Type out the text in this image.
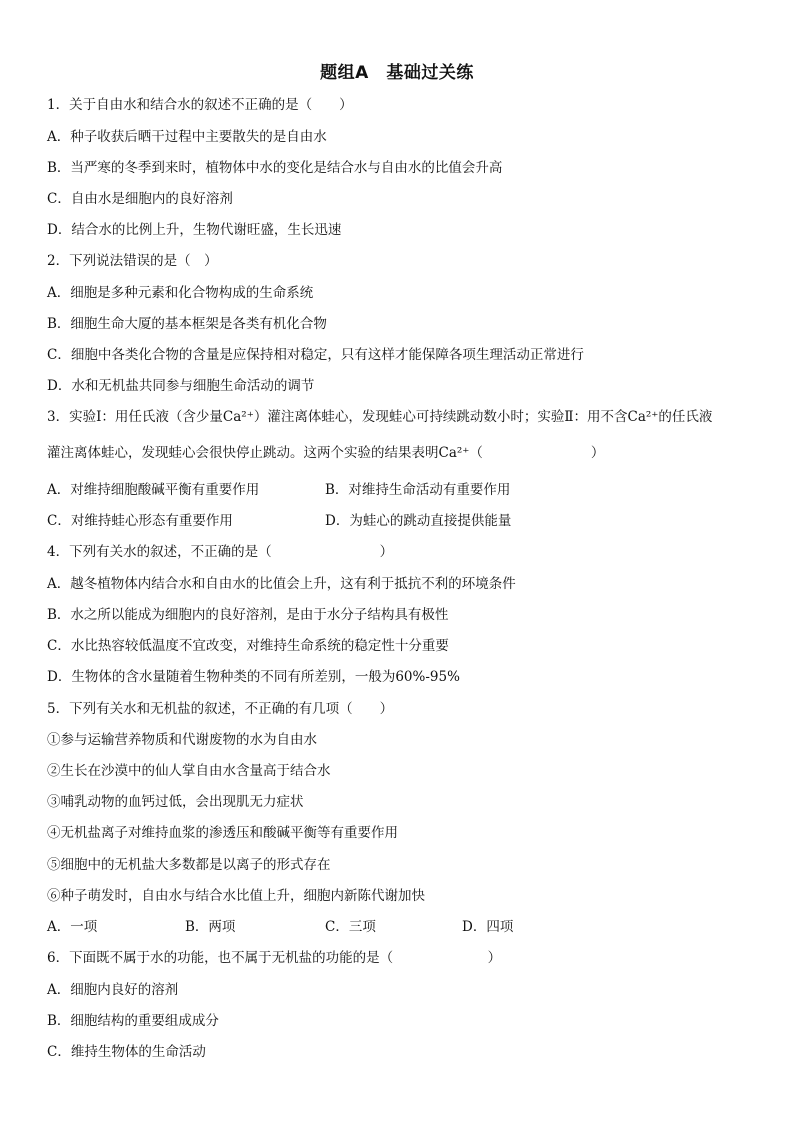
题组A　基础过关练
1．关于自由水和结合水的叙述不正确的是（　　）
A．种子收获后晒干过程中主要散失的是自由水
B．当严寒的冬季到来时，植物体中水的变化是结合水与自由水的比值会升高
C．自由水是细胞内的良好溶剂
D．结合水的比例上升，生物代谢旺盛，生长迅速
2．下列说法错误的是（　）
A．细胞是多种元素和化合物构成的生命系统
B．细胞生命大厦的基本框架是各类有机化合物
C．细胞中各类化合物的含量是应保持相对稳定，只有这样才能保障各项生理活动正常进行
D．水和无机盐共同参与细胞生命活动的调节
3．实验Ⅰ：用任氏液（含少量Ca²⁺）灌注离体蛙心，发现蛙心可持续跳动数小时；实验Ⅱ：用不含Ca²⁺的任氏液
灌注离体蛙心，发现蛙心会很快停止跳动。这两个实验的结果表明Ca²⁺（　　　　　　　　）
A．对维持细胞酸碱平衡有重要作用	B．对维持生命活动有重要作用
C．对维持蛙心形态有重要作用	D．为蛙心的跳动直接提供能量
4．下列有关水的叙述，不正确的是（　　　　　　　　）
A．越冬植物体内结合水和自由水的比值会上升，这有利于抵抗不利的环境条件
B．水之所以能成为细胞内的良好溶剂，是由于水分子结构具有极性
C．水比热容较低温度不宜改变，对维持生命系统的稳定性十分重要
D．生物体的含水量随着生物种类的不同有所差别，一般为60%-95%
5．下列有关水和无机盐的叙述，不正确的有几项（　　）
①参与运输营养物质和代谢废物的水为自由水
②生长在沙漠中的仙人掌自由水含量高于结合水
③哺乳动物的血钙过低，会出现肌无力症状
④无机盐离子对维持血浆的渗透压和酸碱平衡等有重要作用
⑤细胞中的无机盐大多数都是以离子的形式存在
⑥种子萌发时，自由水与结合水比值上升，细胞内新陈代谢加快
A．一项	B．两项	C．三项	D．四项
6．下面既不属于水的功能，也不属于无机盐的功能的是（　　　　　　　）
A．细胞内良好的溶剂
B．细胞结构的重要组成成分
C．维持生物体的生命活动
